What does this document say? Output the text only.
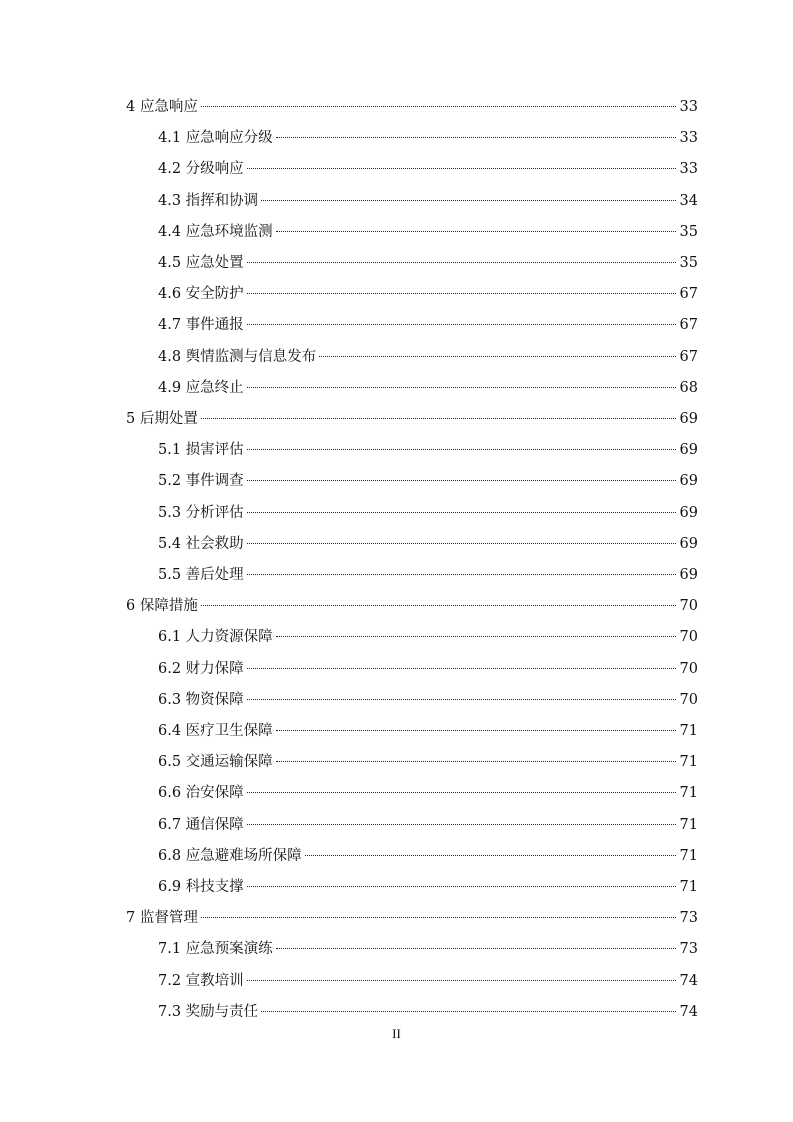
4 应急响应	33
4.1 应急响应分级	33
4.2 分级响应	33
4.3 指挥和协调	34
4.4 应急环境监测	35
4.5 应急处置	35
4.6 安全防护	67
4.7 事件通报	67
4.8 舆情监测与信息发布	67
4.9 应急终止	68
5 后期处置	69
5.1 损害评估	69
5.2 事件调查	69
5.3 分析评估	69
5.4 社会救助	69
5.5 善后处理	69
6 保障措施	70
6.1 人力资源保障	70
6.2 财力保障	70
6.3 物资保障	70
6.4 医疗卫生保障	71
6.5 交通运输保障	71
6.6 治安保障	71
6.7 通信保障	71
6.8 应急避难场所保障	71
6.9 科技支撑	71
7 监督管理	73
7.1 应急预案演练	73
7.2 宣教培训	74
7.3 奖励与责任	74
II
